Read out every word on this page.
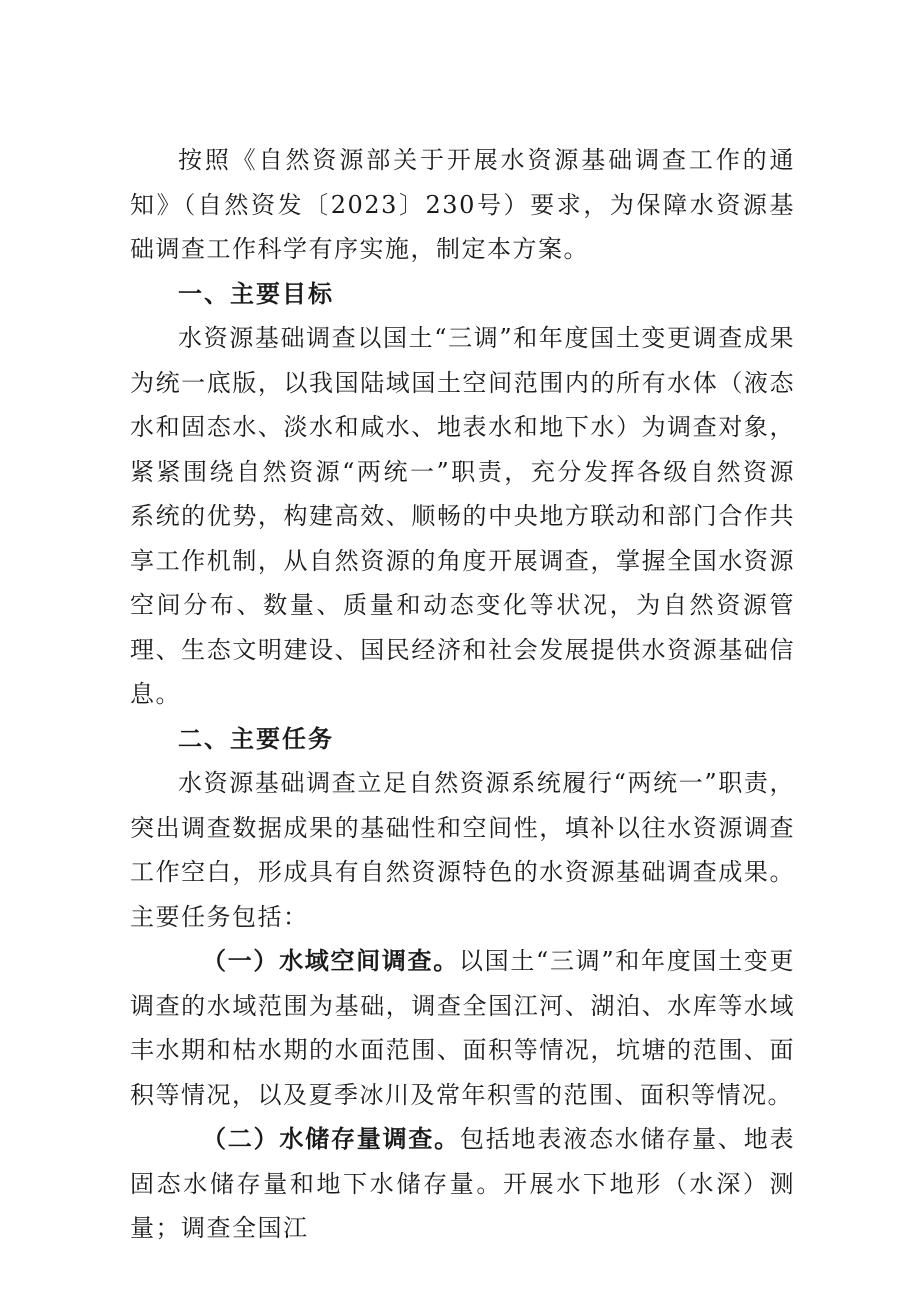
按照《自然资源部关于开展水资源基础调查工作的通知》（自然资发〔2023〕230号）要求，为保障水资源基础调查工作科学有序实施，制定本方案。

一、主要目标

水资源基础调查以国土“三调”和年度国土变更调查成果为统一底版，以我国陆域国土空间范围内的所有水体（液态水和固态水、淡水和咸水、地表水和地下水）为调查对象，紧紧围绕自然资源“两统一”职责，充分发挥各级自然资源系统的优势，构建高效、顺畅的中央地方联动和部门合作共享工作机制，从自然资源的角度开展调查，掌握全国水资源空间分布、数量、质量和动态变化等状况，为自然资源管理、生态文明建设、国民经济和社会发展提供水资源基础信息。

二、主要任务

水资源基础调查立足自然资源系统履行“两统一”职责，突出调查数据成果的基础性和空间性，填补以往水资源调查工作空白，形成具有自然资源特色的水资源基础调查成果。主要任务包括：

（一）水域空间调查。以国土“三调”和年度国土变更调查的水域范围为基础，调查全国江河、湖泊、水库等水域丰水期和枯水期的水面范围、面积等情况，坑塘的范围、面积等情况，以及夏季冰川及常年积雪的范围、面积等情况。

（二）水储存量调查。包括地表液态水储存量、地表固态水储存量和地下水储存量。开展水下地形（水深）测量；调查全国江
